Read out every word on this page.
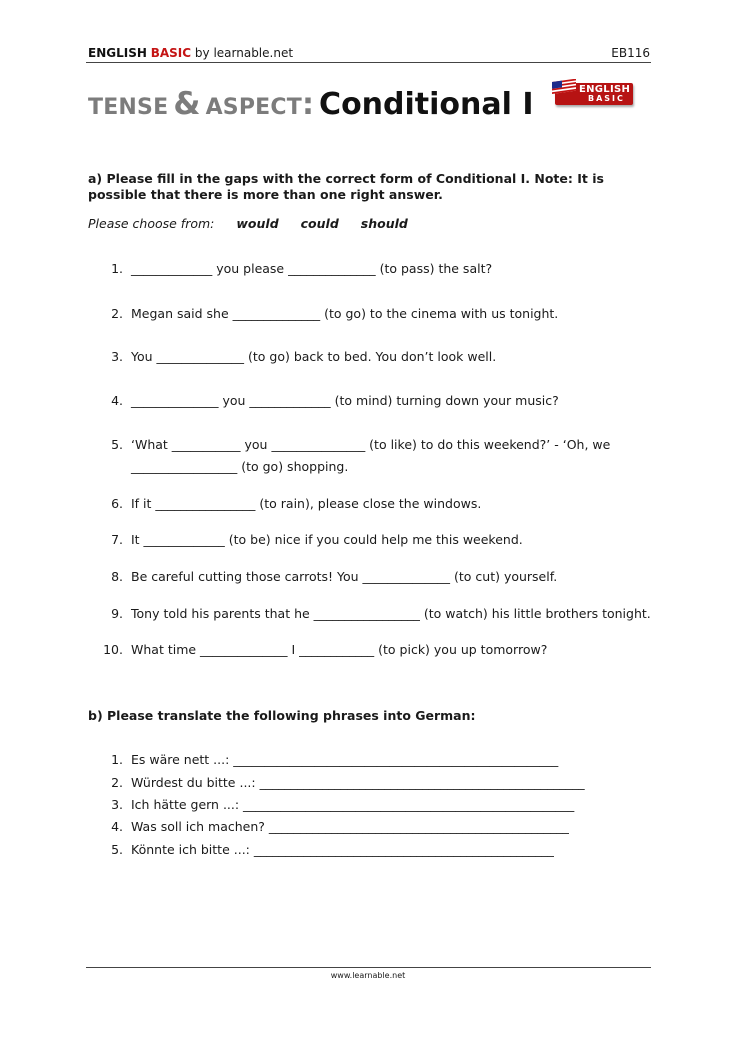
ENGLISH BASIC by learnable.net	EB116
TENSE & ASPECT: Conditional I	ENGLISH
BASIC
a) Please fill in the gaps with the correct form of Conditional I. Note: It is possible that there is more than one right answer.
Please choose from: would could should
1. _____________ you please ______________ (to pass) the salt?
2. Megan said she ______________ (to go) to the cinema with us tonight.
3. You ______________ (to go) back to bed. You don’t look well.
4. ______________ you _____________ (to mind) turning down your music?
5. ‘What ___________ you _______________ (to like) to do this weekend?’ - ‘Oh, we
_________________ (to go) shopping.
6. If it ________________ (to rain), please close the windows.
7. It _____________ (to be) nice if you could help me this weekend.
8. Be careful cutting those carrots! You ______________ (to cut) yourself.
9. Tony told his parents that he _________________ (to watch) his little brothers tonight.
10. What time ______________ I ____________ (to pick) you up tomorrow?
b) Please translate the following phrases into German:
1. Es wäre nett ...: ____________________________________________________
2. Würdest du bitte ...: ____________________________________________________
3. Ich hätte gern ...: _____________________________________________________
4. Was soll ich machen? ________________________________________________
5. Könnte ich bitte ...: ________________________________________________
www.learnable.net
